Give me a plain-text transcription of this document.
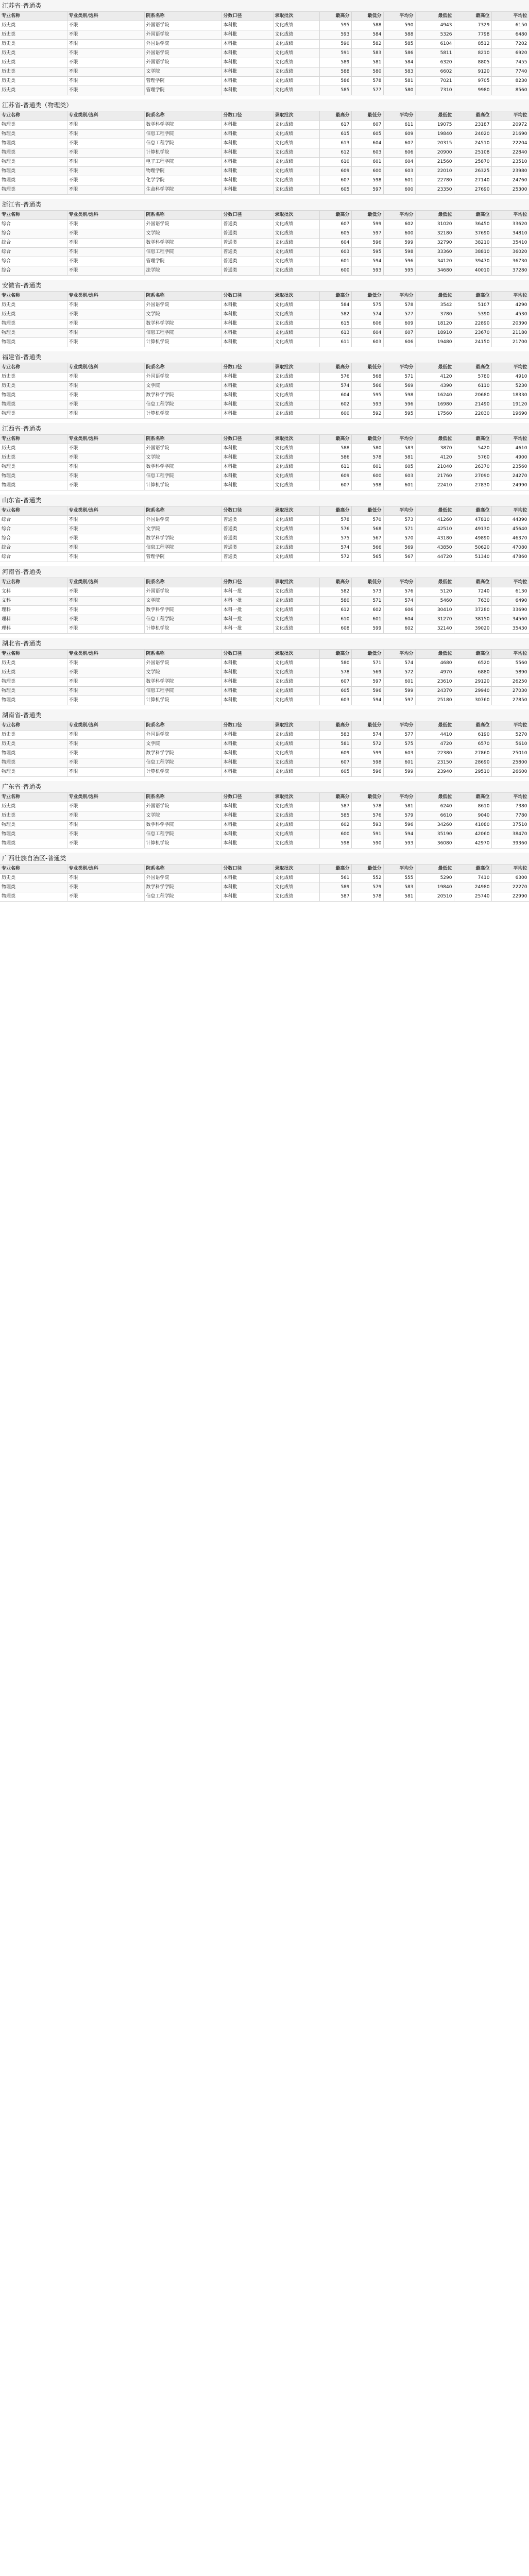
江苏省-普通类
专业名称	专业类别/选科	院系名称	分数口径	录取批次	最高分	最低分	平均分	最低位	最高位	平均位
历史类	不限	外国语学院	本科批	文化成绩	595	588	590	4943	7329	6150
历史类	不限	外国语学院	本科批	文化成绩	593	584	588	5326	7798	6480
历史类	不限	外国语学院	本科批	文化成绩	590	582	585	6104	8512	7202
历史类	不限	外国语学院	本科批	文化成绩	591	583	586	5811	8210	6920
历史类	不限	外国语学院	本科批	文化成绩	589	581	584	6320	8805	7455
历史类	不限	文学院	本科批	文化成绩	588	580	583	6602	9120	7740
历史类	不限	管理学院	本科批	文化成绩	586	578	581	7021	9705	8230
历史类	不限	管理学院	本科批	文化成绩	585	577	580	7310	9980	8560
江苏省-普通类（物理类）
专业名称	专业类别/选科	院系名称	分数口径	录取批次	最高分	最低分	平均分	最低位	最高位	平均位
物理类	不限	数学科学学院	本科批	文化成绩	617	607	611	19075	23187	20972
物理类	不限	信息工程学院	本科批	文化成绩	615	605	609	19840	24020	21690
物理类	不限	信息工程学院	本科批	文化成绩	613	604	607	20315	24510	22204
物理类	不限	计算机学院	本科批	文化成绩	612	603	606	20900	25108	22840
物理类	不限	电子工程学院	本科批	文化成绩	610	601	604	21560	25870	23510
物理类	不限	物理学院	本科批	文化成绩	609	600	603	22010	26325	23980
物理类	不限	化学学院	本科批	文化成绩	607	598	601	22780	27140	24760
物理类	不限	生命科学学院	本科批	文化成绩	605	597	600	23350	27690	25300
浙江省-普通类
专业名称	专业类别/选科	院系名称	分数口径	录取批次	最高分	最低分	平均分	最低位	最高位	平均位
综合	不限	外国语学院	普通类	文化成绩	607	599	602	31020	36450	33620
综合	不限	文学院	普通类	文化成绩	605	597	600	32180	37690	34810
综合	不限	数学科学学院	普通类	文化成绩	604	596	599	32790	38210	35410
综合	不限	信息工程学院	普通类	文化成绩	603	595	598	33360	38810	36020
综合	不限	管理学院	普通类	文化成绩	601	594	596	34120	39470	36730
综合	不限	法学院	普通类	文化成绩	600	593	595	34680	40010	37280
安徽省-普通类
专业名称	专业类别/选科	院系名称	分数口径	录取批次	最高分	最低分	平均分	最低位	最高位	平均位
历史类	不限	外国语学院	本科批	文化成绩	584	575	578	3542	5107	4290
历史类	不限	文学院	本科批	文化成绩	582	574	577	3780	5390	4530
物理类	不限	数学科学学院	本科批	文化成绩	615	606	609	18120	22890	20390
物理类	不限	信息工程学院	本科批	文化成绩	613	604	607	18910	23670	21180
物理类	不限	计算机学院	本科批	文化成绩	611	603	606	19480	24150	21700
福建省-普通类
专业名称	专业类别/选科	院系名称	分数口径	录取批次	最高分	最低分	平均分	最低位	最高位	平均位
历史类	不限	外国语学院	本科批	文化成绩	576	568	571	4120	5780	4910
历史类	不限	文学院	本科批	文化成绩	574	566	569	4390	6110	5230
物理类	不限	数学科学学院	本科批	文化成绩	604	595	598	16240	20680	18330
物理类	不限	信息工程学院	本科批	文化成绩	602	593	596	16980	21490	19120
物理类	不限	计算机学院	本科批	文化成绩	600	592	595	17560	22030	19690
江西省-普通类
专业名称	专业类别/选科	院系名称	分数口径	录取批次	最高分	最低分	平均分	最低位	最高位	平均位
历史类	不限	外国语学院	本科批	文化成绩	588	580	583	3870	5420	4610
历史类	不限	文学院	本科批	文化成绩	586	578	581	4120	5760	4900
物理类	不限	数学科学学院	本科批	文化成绩	611	601	605	21040	26370	23560
物理类	不限	信息工程学院	本科批	文化成绩	609	600	603	21760	27090	24270
物理类	不限	计算机学院	本科批	文化成绩	607	598	601	22410	27830	24990
山东省-普通类
专业名称	专业类别/选科	院系名称	分数口径	录取批次	最高分	最低分	平均分	最低位	最高位	平均位
综合	不限	外国语学院	普通类	文化成绩	578	570	573	41260	47810	44390
综合	不限	文学院	普通类	文化成绩	576	568	571	42510	49130	45640
综合	不限	数学科学学院	普通类	文化成绩	575	567	570	43180	49890	46370
综合	不限	信息工程学院	普通类	文化成绩	574	566	569	43850	50620	47080
综合	不限	管理学院	普通类	文化成绩	572	565	567	44720	51340	47860
河南省-普通类
专业名称	专业类别/选科	院系名称	分数口径	录取批次	最高分	最低分	平均分	最低位	最高位	平均位
文科	不限	外国语学院	本科一批	文化成绩	582	573	576	5120	7240	6130
文科	不限	文学院	本科一批	文化成绩	580	571	574	5460	7630	6490
理科	不限	数学科学学院	本科一批	文化成绩	612	602	606	30410	37280	33690
理科	不限	信息工程学院	本科一批	文化成绩	610	601	604	31270	38150	34560
理科	不限	计算机学院	本科一批	文化成绩	608	599	602	32140	39020	35430
湖北省-普通类
专业名称	专业类别/选科	院系名称	分数口径	录取批次	最高分	最低分	平均分	最低位	最高位	平均位
历史类	不限	外国语学院	本科批	文化成绩	580	571	574	4680	6520	5560
历史类	不限	文学院	本科批	文化成绩	578	569	572	4970	6880	5890
物理类	不限	数学科学学院	本科批	文化成绩	607	597	601	23610	29120	26250
物理类	不限	信息工程学院	本科批	文化成绩	605	596	599	24370	29940	27030
物理类	不限	计算机学院	本科批	文化成绩	603	594	597	25180	30760	27850
湖南省-普通类
专业名称	专业类别/选科	院系名称	分数口径	录取批次	最高分	最低分	平均分	最低位	最高位	平均位
历史类	不限	外国语学院	本科批	文化成绩	583	574	577	4410	6190	5270
历史类	不限	文学院	本科批	文化成绩	581	572	575	4720	6570	5610
物理类	不限	数学科学学院	本科批	文化成绩	609	599	603	22380	27860	25010
物理类	不限	信息工程学院	本科批	文化成绩	607	598	601	23150	28690	25800
物理类	不限	计算机学院	本科批	文化成绩	605	596	599	23940	29510	26600
广东省-普通类
专业名称	专业类别/选科	院系名称	分数口径	录取批次	最高分	最低分	平均分	最低位	最高位	平均位
历史类	不限	外国语学院	本科批	文化成绩	587	578	581	6240	8610	7380
历史类	不限	文学院	本科批	文化成绩	585	576	579	6610	9040	7780
物理类	不限	数学科学学院	本科批	文化成绩	602	593	596	34260	41080	37510
物理类	不限	信息工程学院	本科批	文化成绩	600	591	594	35190	42060	38470
物理类	不限	计算机学院	本科批	文化成绩	598	590	593	36080	42970	39360
广西壮族自治区-普通类
专业名称	专业类别/选科	院系名称	分数口径	录取批次	最高分	最低分	平均分	最低位	最高位	平均位
历史类	不限	外国语学院	本科批	文化成绩	561	552	555	5290	7410	6300
物理类	不限	数学科学学院	本科批	文化成绩	589	579	583	19840	24980	22270
物理类	不限	信息工程学院	本科批	文化成绩	587	578	581	20510	25740	22990
